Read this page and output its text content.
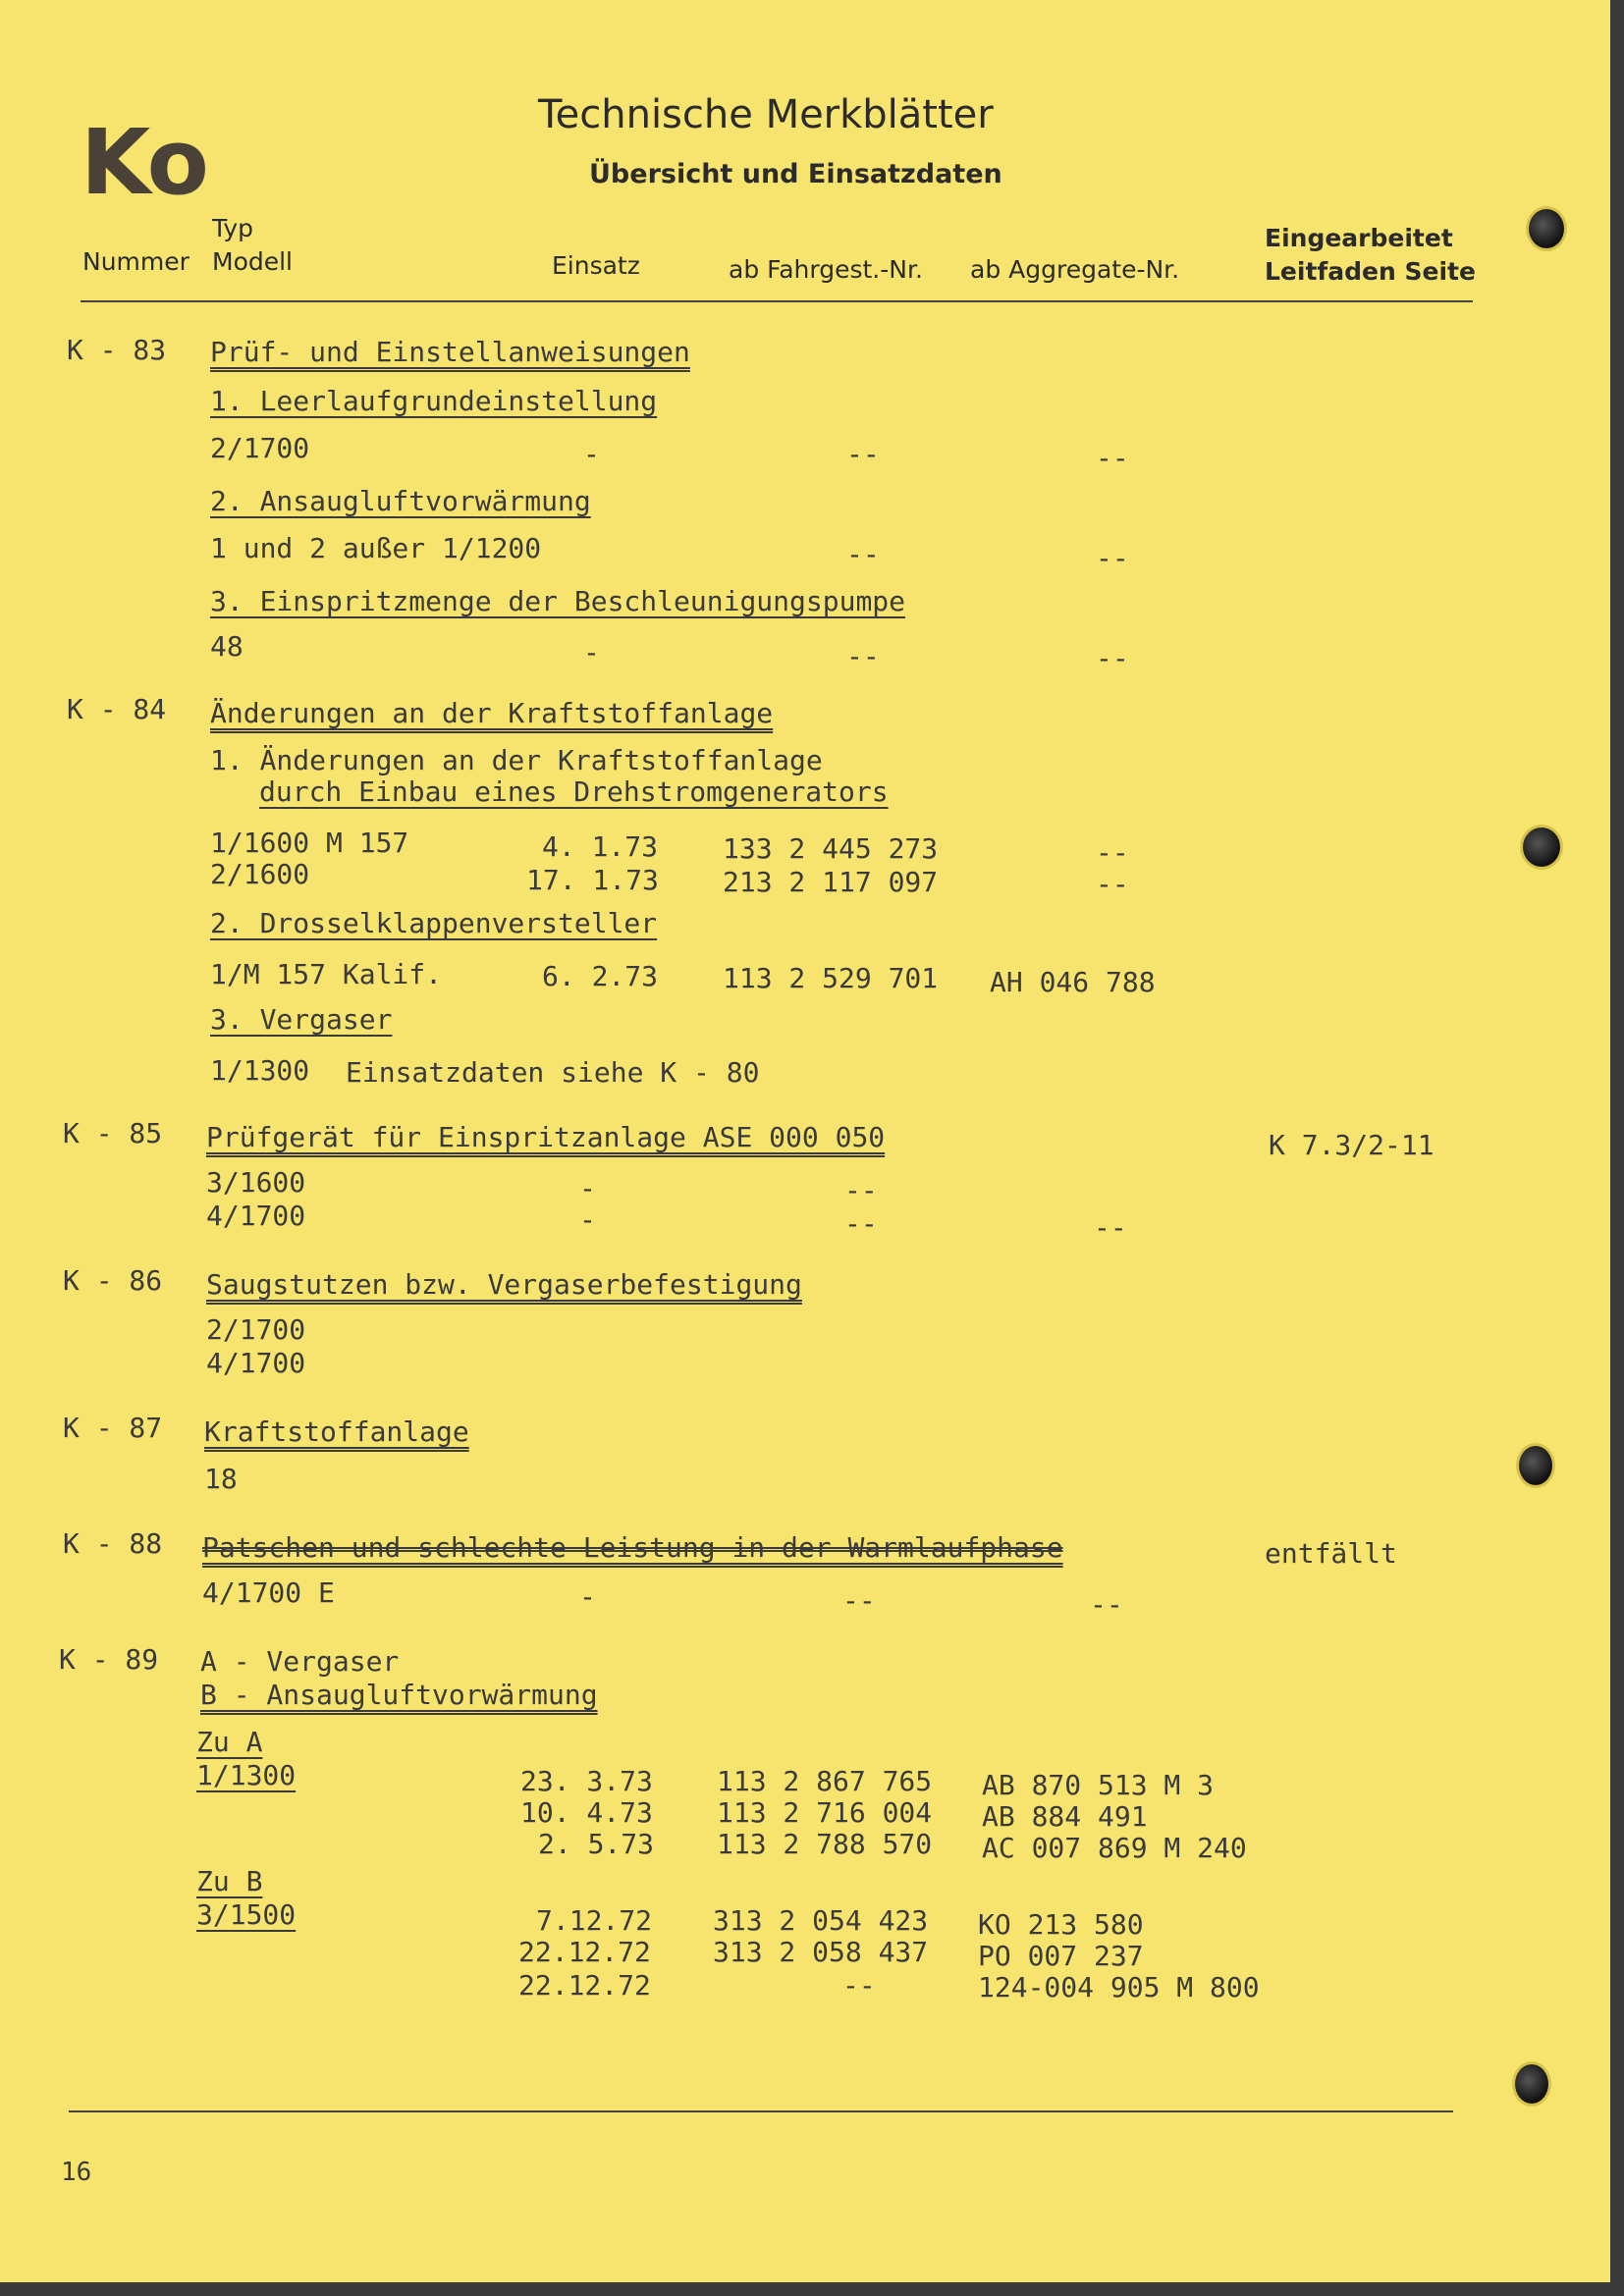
Ko	Technische Merkblätter
Übersicht und Einsatzdaten
Typ
Nummer Modell	Einsatz	ab Fahrgest.-Nr. ab Aggregate-Nr.
Eingearbeitet
Leitfaden Seite
K - 83 Prüf- und Einstellanweisungen
1. Leerlaufgrundeinstellung
2/1700	-	--	--
2. Ansaugluftvorwärmung
1 und 2 außer 1/1200	--	--
3. Einspritzmenge der Beschleunigungspumpe
48	-	--	--
K - 84 Änderungen an der Kraftstoffanlage
1. Änderungen an der Kraftstoffanlage
durch Einbau eines Drehstromgenerators
1/1600 M 157	4. 1.73 133 2 445 273	--
2/1600	17. 1.73 213 2 117 097	--
2. Drosselklappenversteller
1/M 157 Kalif.	6. 2.73 113 2 529 701 AH 046 788
3. Vergaser
1/1300 Einsatzdaten siehe K - 80
K - 85 Prüfgerät für Einspritzanlage ASE 000 050	K 7.3/2-11
3/1600	-	--
4/1700	-	--	--
K - 86 Saugstutzen bzw. Vergaserbefestigung
2/1700
4/1700
K - 87 Kraftstoffanlage
18
K - 88 Patschen und schlechte Leistung in der Warmlaufphase	entfällt
4/1700 E	-	--	--
K - 89 A - Vergaser
B - Ansaugluftvorwärmung
Zu A
1/1300	23. 3.73 113 2 867 765 AB 870 513 M 3
10. 4.73 113 2 716 004 AB 884 491
2. 5.73 113 2 788 570 AC 007 869 M 240
Zu B
3/1500	7.12.72 313 2 054 423 KO 213 580
22.12.72 313 2 058 437 PO 007 237
22.12.72	--	124-004 905 M 800
16
